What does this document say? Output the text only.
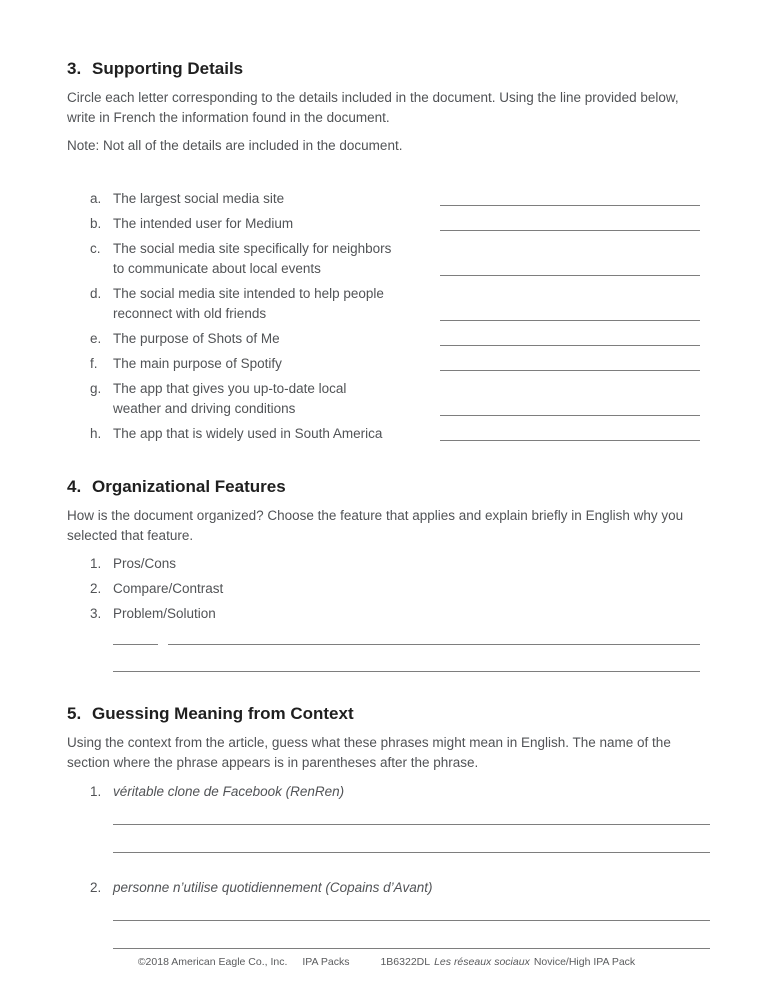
3. Supporting Details

Circle each letter corresponding to the details included in the document. Using the line provided below, write in French the information found in the document.

Note: Not all of the details are included in the document.

a. The largest social media site
b. The intended user for Medium
c. The social media site specifically for neighbors
to communicate about local events
d. The social media site intended to help people
reconnect with old friends
e. The purpose of Shots of Me
f.	The main purpose of Spotify
g. The app that gives you up-to-date local
weather and driving conditions
h. The app that is widely used in South America
4. Organizational Features

How is the document organized? Choose the feature that applies and explain briefly in English why you selected that feature.

1. Pros/Cons
2. Compare/Contrast
3. Problem/Solution
5. Guessing Meaning from Context

Using the context from the article, guess what these phrases might mean in English. The name of the section where the phrase appears is in parentheses after the phrase.

1. véritable clone de Facebook (RenRen)
2. personne n’utilise quotidiennement (Copains d’Avant)
©2018 American Eagle Co., Inc. IPA Packs	1B6322DL Les réseaux sociaux Novice/High IPA Pack
